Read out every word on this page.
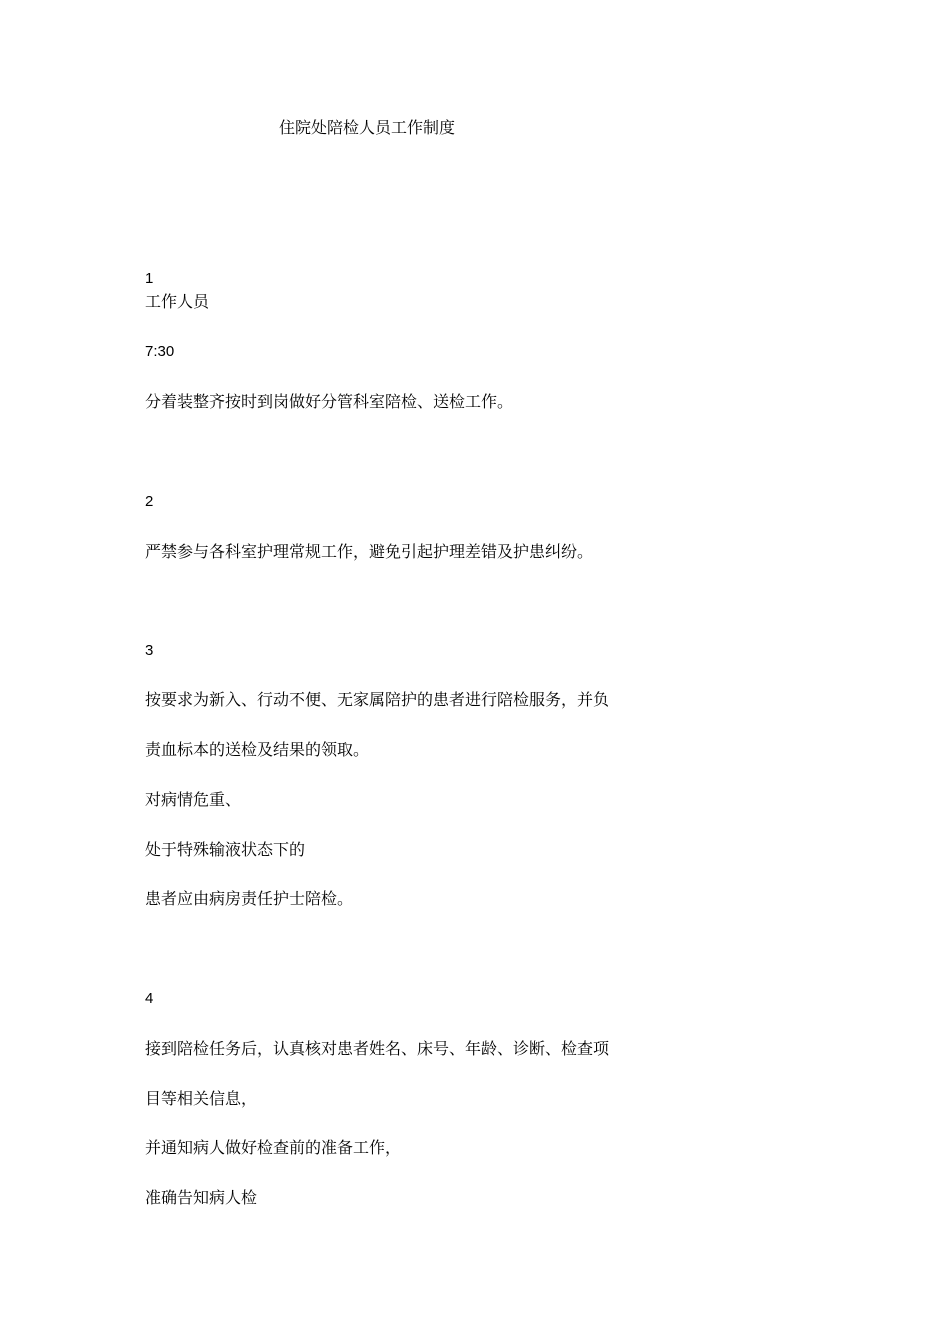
住院处陪检人员工作制度
1
工作人员
7:30
分着装整齐按时到岗做好分管科室陪检、送检工作。
2
严禁参与各科室护理常规工作，避免引起护理差错及护患纠纷。
3
按要求为新入、行动不便、无家属陪护的患者进行陪检服务，并负
责血标本的送检及结果的领取。
对病情危重、
处于特殊输液状态下的
患者应由病房责任护士陪检。
4
接到陪检任务后，认真核对患者姓名、床号、年龄、诊断、检查项
目等相关信息，
并通知病人做好检查前的准备工作，
准确告知病人检
